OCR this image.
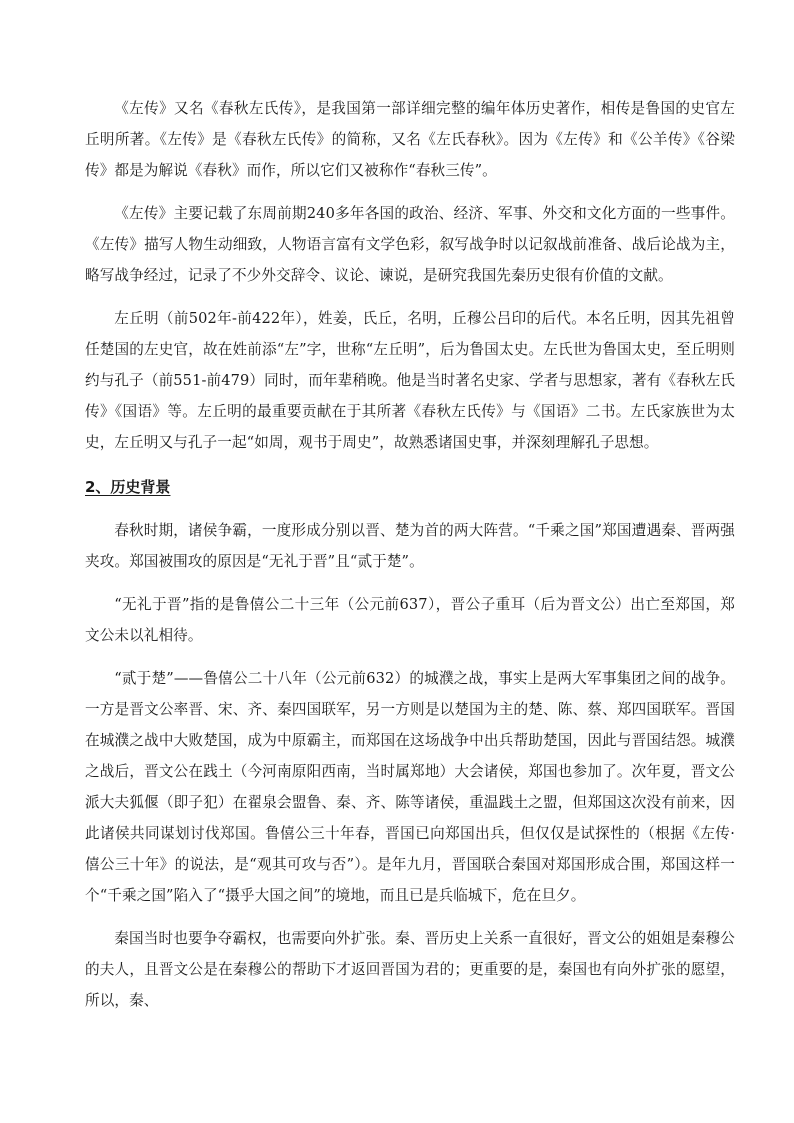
《左传》又名《春秋左氏传》，是我国第一部详细完整的编年体历史著作，相传是鲁国的史官左丘明所著。《左传》是《春秋左氏传》的简称，又名《左氏春秋》。因为《左传》和《公羊传》《谷梁传》都是为解说《春秋》而作，所以它们又被称作“春秋三传”。

《左传》主要记载了东周前期240多年各国的政治、经济、军事、外交和文化方面的一些事件。《左传》描写人物生动细致，人物语言富有文学色彩，叙写战争时以记叙战前准备、战后论战为主，略写战争经过，记录了不少外交辞令、议论、谏说，是研究我国先秦历史很有价值的文献。

左丘明（前502年-前422年），姓姜，氏丘，名明，丘穆公吕印的后代。本名丘明，因其先祖曾任楚国的左史官，故在姓前添“左”字，世称“左丘明”，后为鲁国太史。左氏世为鲁国太史，至丘明则约与孔子（前551-前479）同时，而年辈稍晚。他是当时著名史家、学者与思想家，著有《春秋左氏传》《国语》等。左丘明的最重要贡献在于其所著《春秋左氏传》与《国语》二书。左氏家族世为太史，左丘明又与孔子一起“如周，观书于周史”，故熟悉诸国史事，并深刻理解孔子思想。

2、历史背景

春秋时期，诸侯争霸，一度形成分别以晋、楚为首的两大阵营。“千乘之国”郑国遭遇秦、晋两强夹攻。郑国被围攻的原因是“无礼于晋”且“贰于楚”。

“无礼于晋”指的是鲁僖公二十三年（公元前637），晋公子重耳（后为晋文公）出亡至郑国，郑文公未以礼相待。

“贰于楚”——鲁僖公二十八年（公元前632）的城濮之战，事实上是两大军事集团之间的战争。一方是晋文公率晋、宋、齐、秦四国联军，另一方则是以楚国为主的楚、陈、蔡、郑四国联军。晋国在城濮之战中大败楚国，成为中原霸主，而郑国在这场战争中出兵帮助楚国，因此与晋国结怨。城濮之战后，晋文公在践土（今河南原阳西南，当时属郑地）大会诸侯，郑国也参加了。次年夏，晋文公派大夫狐偃（即子犯）在翟泉会盟鲁、秦、齐、陈等诸侯，重温践土之盟，但郑国这次没有前来，因此诸侯共同谋划讨伐郑国。鲁僖公三十年春，晋国已向郑国出兵，但仅仅是试探性的（根据《左传·僖公三十年》的说法，是“观其可攻与否”）。是年九月，晋国联合秦国对郑国形成合围，郑国这样一个“千乘之国”陷入了“摄乎大国之间”的境地，而且已是兵临城下，危在旦夕。

秦国当时也要争夺霸权，也需要向外扩张。秦、晋历史上关系一直很好，晋文公的姐姐是秦穆公的夫人，且晋文公是在秦穆公的帮助下才返回晋国为君的；更重要的是，秦国也有向外扩张的愿望，所以，秦、
